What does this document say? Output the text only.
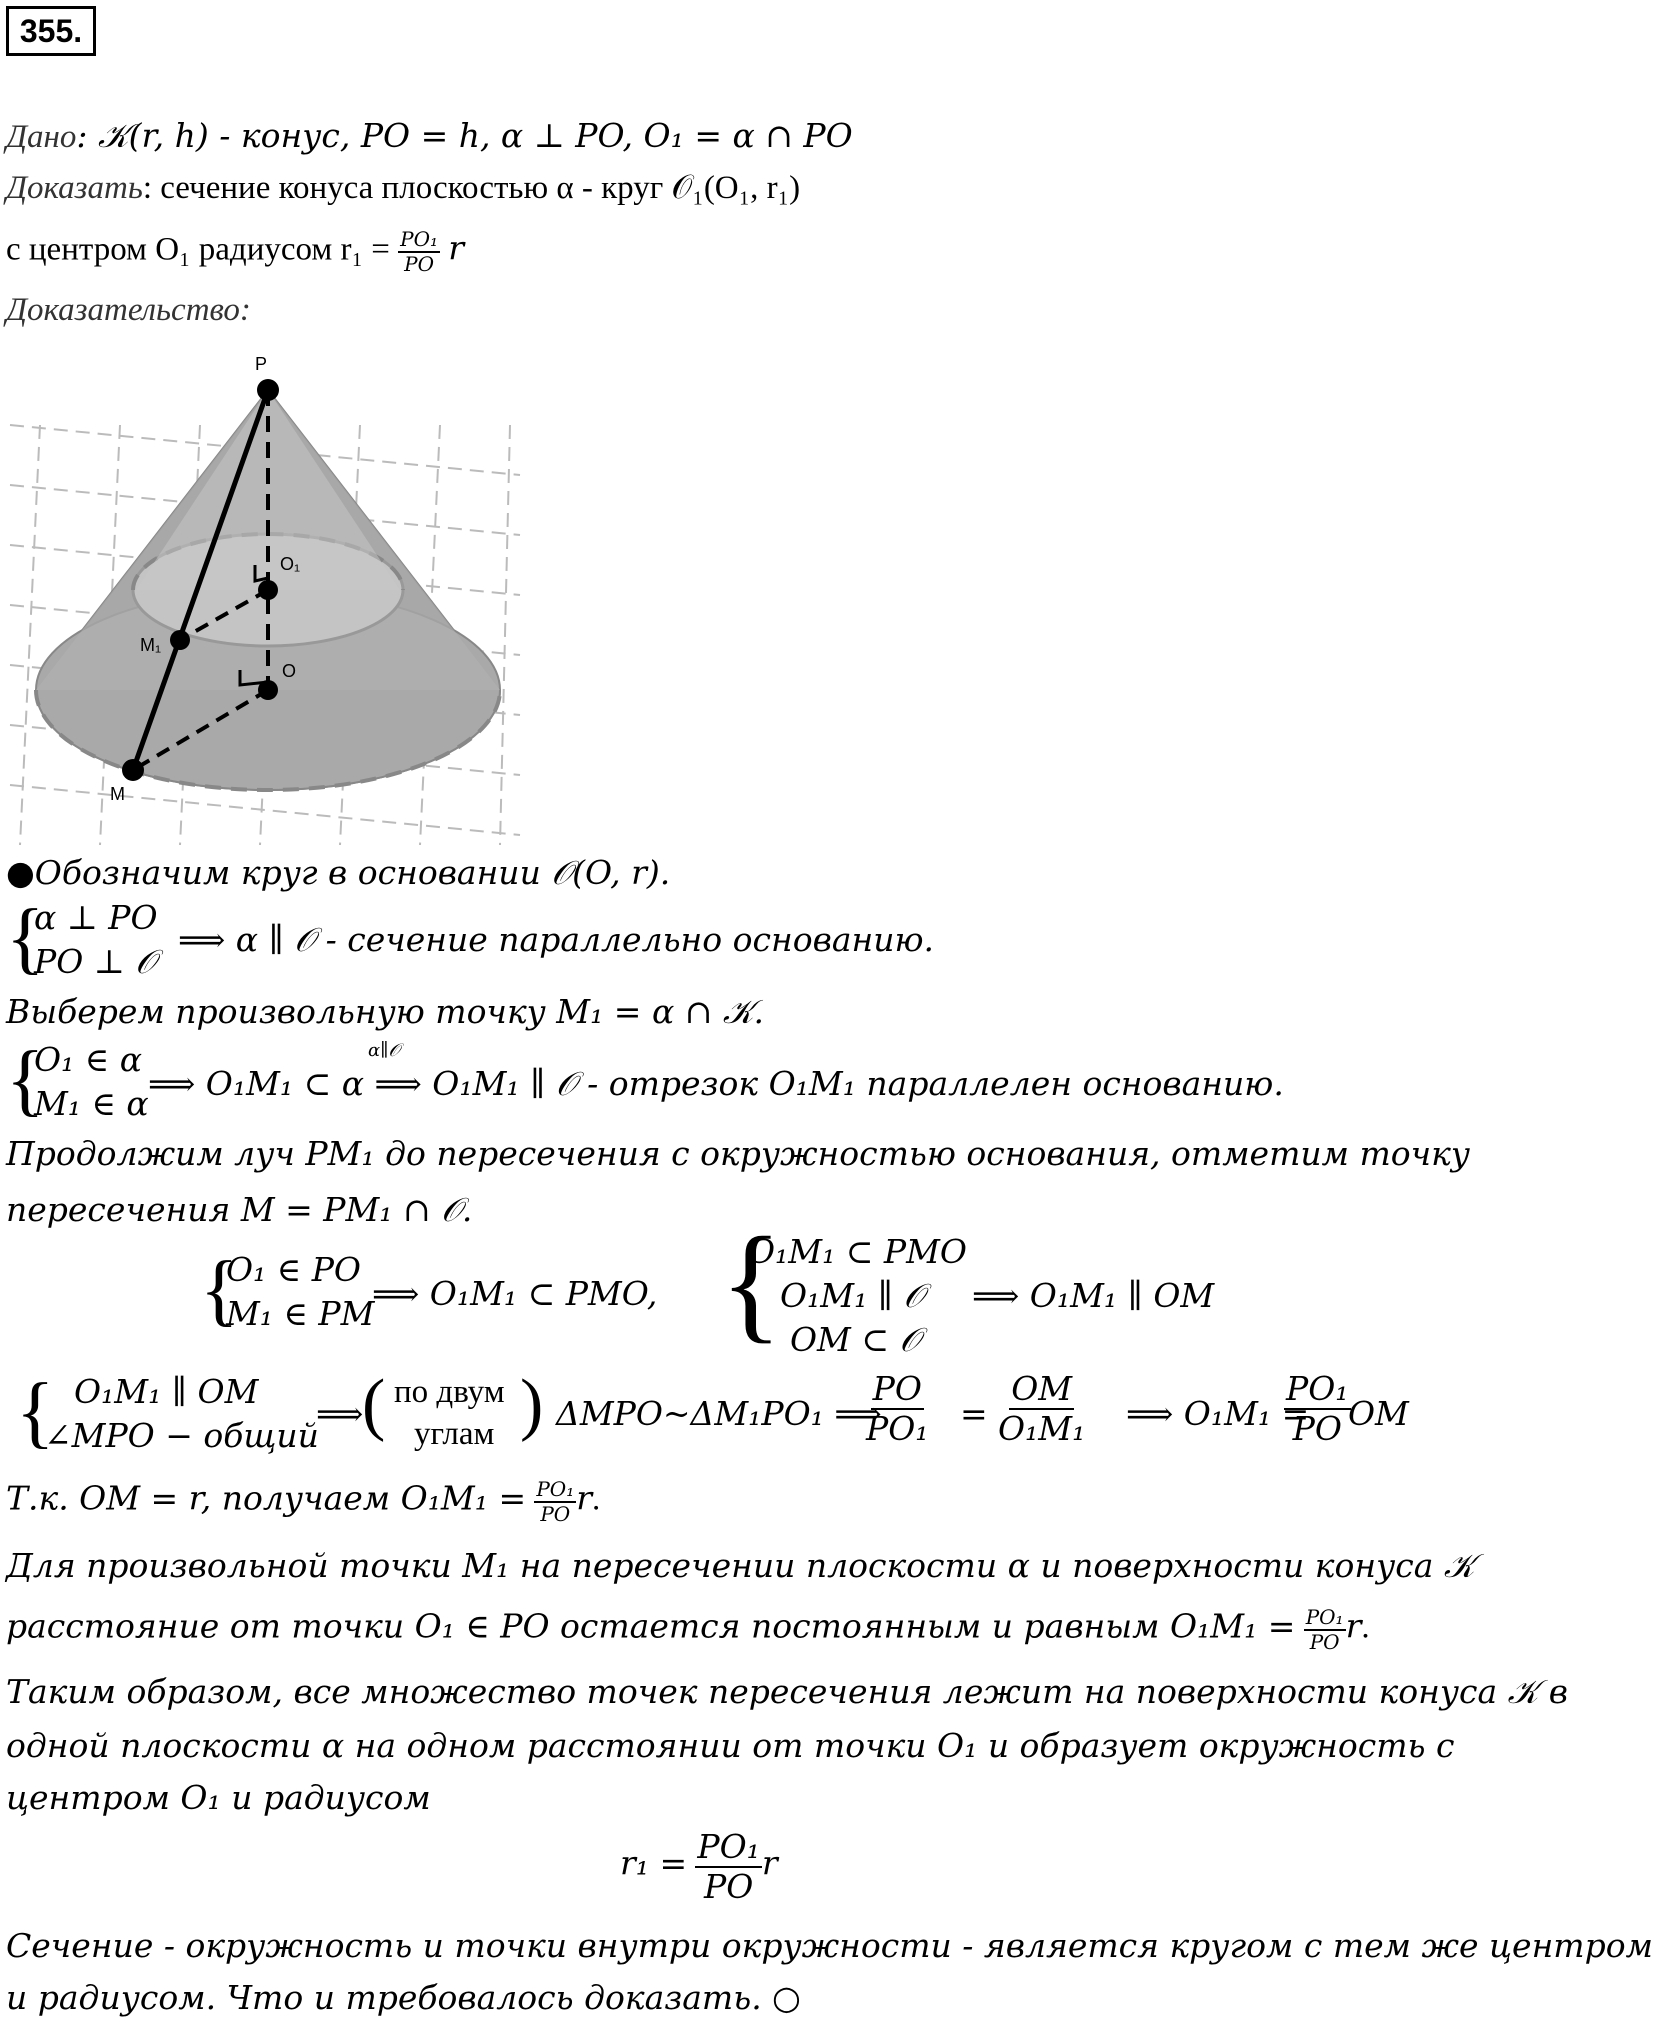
355.
Дано: 𝒦(r, h) - конус, PO = h, α ⊥ PO, O₁ = α ∩ PO
Доказать: сечение конуса плоскостью α - круг 𝒪₁(O₁, r₁)
с центром O₁ радиусом $r_1 = \frac{\text{PO₁}}{PO}$ r
Доказательство:
P
O₁
O
M₁
M
●Обозначим круг в основании 𝒪(O, r).
{
α ⊥ PO
PO ⊥ 𝒪
⟹ α ∥ 𝒪 - сечение параллельно основанию.
Выберем произвольную точку M₁ = α ∩ 𝒦.
{
O₁ ∈ α
M₁ ∈ α
α∥𝒪
⟹ O₁M₁ ⊂ α ⟹ O₁M₁ ∥ 𝒪 - отрезок O₁M₁ параллелен основанию.
Продолжим луч PM₁ до пересечения с окружностью основания, отметим точку
пересечения M = PM₁ ∩ 𝒪.
{
O₁ ∈ PO
M₁ ∈ PM
⟹ O₁M₁ ⊂ PMO, {
O₁M₁ ⊂ PMO
O₁M₁ ∥ 𝒪
OM ⊂ 𝒪
⟹ O₁M₁ ∥ OM
{ O₁M₁ ∥ OM
∠MPO − общий
⟹
( по двум
углам ) ΔMPO~ΔM₁PO₁ ⟹
$\frac{PO}{\text{PO₁}} = \frac{OM}{\text{O₁M₁}}$ ⟹ O₁M₁ =
$\frac{\text{PO₁}}{PO}$
OM
Т.к. OM = r, получаем $O_1M_1 = \frac{\text{PO₁}}{PO} r$.
Для произвольной точки M₁ на пересечении плоскости α и поверхности конуса 𝒦
расстояние от точки O₁ ∈ PO остается постоянным и равным $O_1M_1 = \frac{\text{PO₁}}{PO} r$.
Таким образом, все множество точек пересечения лежит на поверхности конуса 𝒦 в
одной плоскости α на одном расстоянии от точки O₁ и образует окружность с
центром O₁ и радиусом
$r_1 = \frac{\text{PO₁}}{PO}$ r
Сечение - окружность и точки внутри окружности - является кругом с тем же центром
и радиусом. Что и требовалось доказать. ○
